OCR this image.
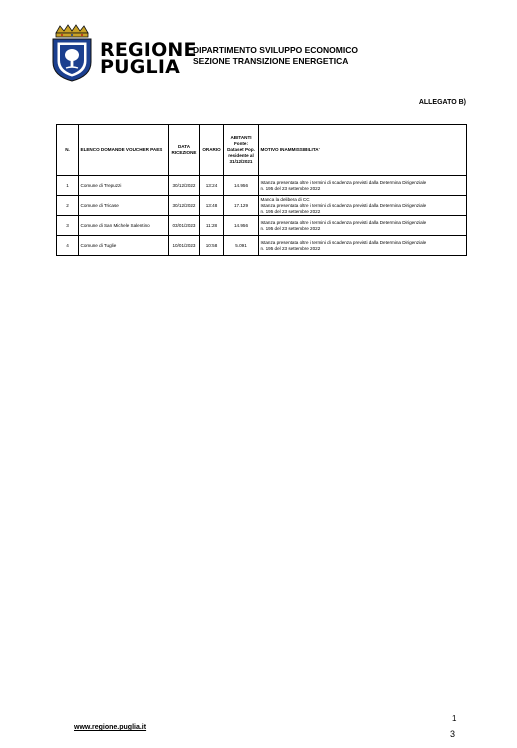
REGIONE
PUGLIA
DIPARTIMENTO SVILUPPO ECONOMICO
SEZIONE TRANSIZIONE ENERGETICA
ALLEGATO B)
N.	ELENCO DOMANDE VOUCHER PAES	DATA RICEZIONE	ORARIO	ABITANTI Fonte: Dataset Pop. residente al 31/12/2021	MOTIVO INAMMISSIBILITA'
1	Comune di Trepuzzi	30/12/2022	13:24	14.956	Istanza presentata oltre i termini di scadenza previsti dalla Determina Dirigenziale
n. 195 del 23 settembre 2022

2	Comune di Tricase	30/12/2022	13:48	17.129	Manca la delibera di CC
Istanza presentata oltre i termini di scadenza previsti dalla Determina Dirigenziale
n. 195 del 23 settembre 2022

3	Comune di San Michele Salentino	03/01/2023	11:28	14.956	Istanza presentata oltre i termini di scadenza previsti dalla Determina Dirigenziale
n. 195 del 23 settembre 2022

4	Comune di Tuglie	10/01/2023	10:58	5.091	Istanza presentata oltre i termini di scadenza previsti dalla Determina Dirigenziale
n. 195 del 23 settembre 2022
www.regione.puglia.it
1
3
